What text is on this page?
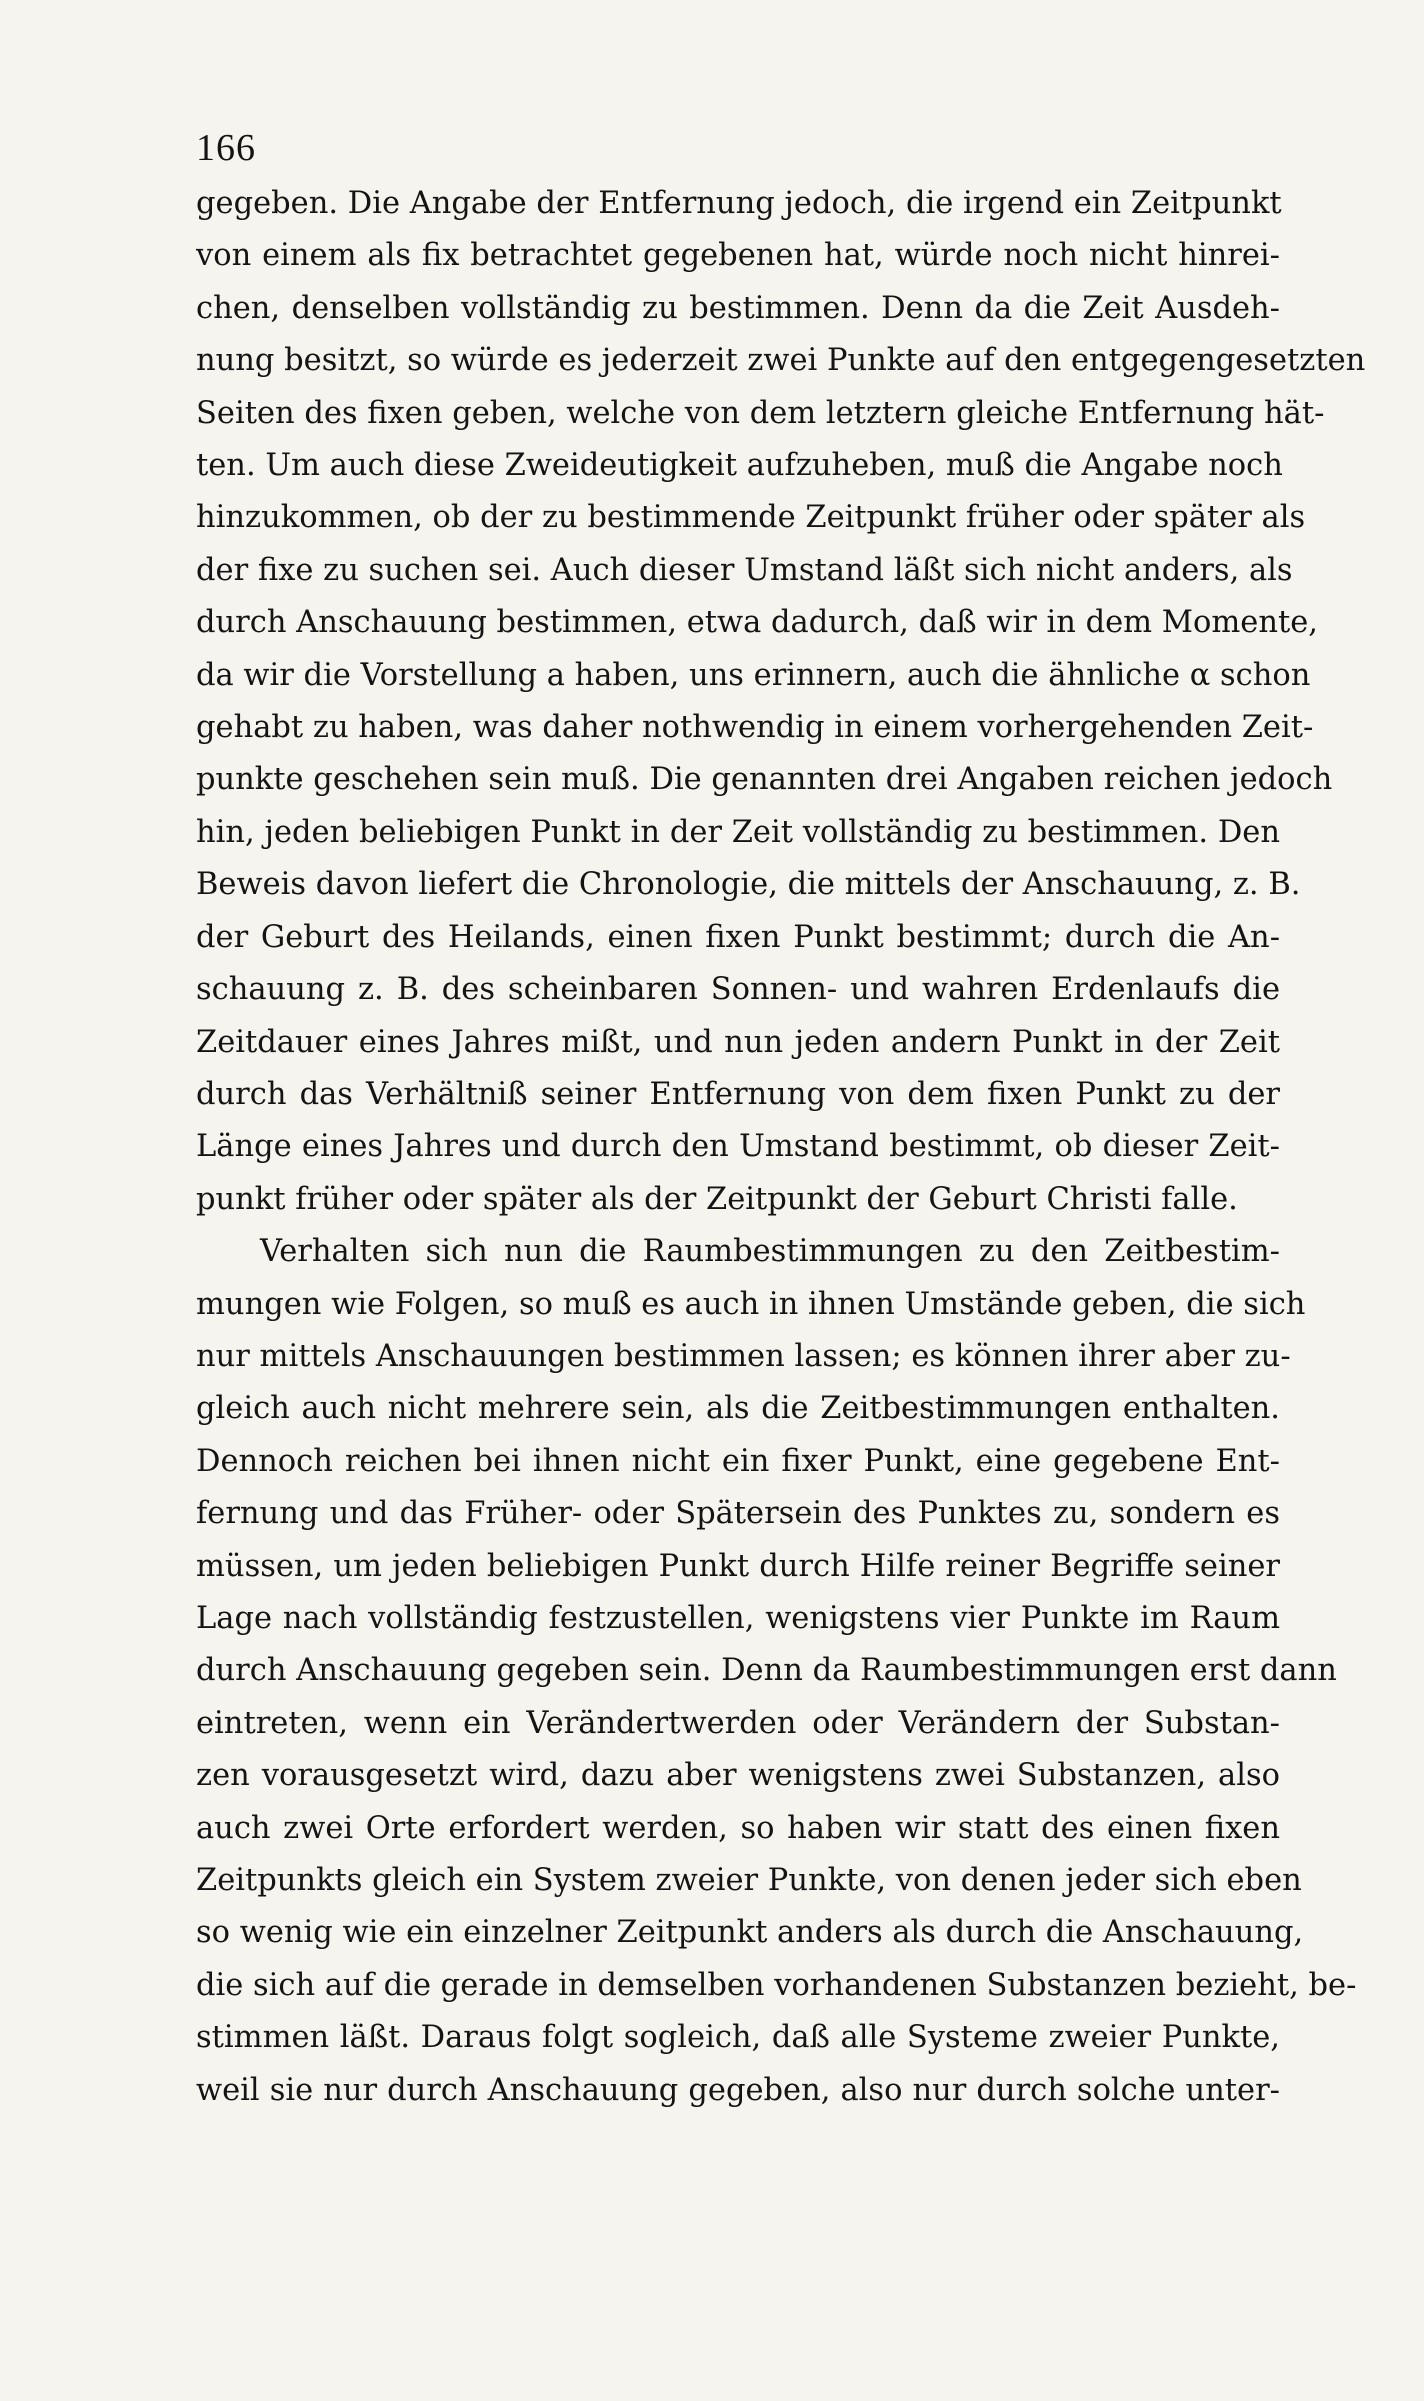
166
gegeben. Die Angabe der Entfernung jedoch, die irgend ein Zeitpunkt
von einem als fix betrachtet gegebenen hat, würde noch nicht hinrei-
chen, denselben vollständig zu bestimmen. Denn da die Zeit Ausdeh-
nung besitzt, so würde es jederzeit zwei Punkte auf den entgegengesetzten
Seiten des fixen geben, welche von dem letztern gleiche Entfernung hät-
ten. Um auch diese Zweideutigkeit aufzuheben, muß die Angabe noch
hinzukommen, ob der zu bestimmende Zeitpunkt früher oder später als
der fixe zu suchen sei. Auch dieser Umstand läßt sich nicht anders, als
durch Anschauung bestimmen, etwa dadurch, daß wir in dem Momente,
da wir die Vorstellung a haben, uns erinnern, auch die ähnliche α schon
gehabt zu haben, was daher nothwendig in einem vorhergehenden Zeit-
punkte geschehen sein muß. Die genannten drei Angaben reichen jedoch
hin, jeden beliebigen Punkt in der Zeit vollständig zu bestimmen. Den
Beweis davon liefert die Chronologie, die mittels der Anschauung, z. B.
der Geburt des Heilands, einen fixen Punkt bestimmt; durch die An-
schauung z. B. des scheinbaren Sonnen- und wahren Erdenlaufs die
Zeitdauer eines Jahres mißt, und nun jeden andern Punkt in der Zeit
durch das Verhältniß seiner Entfernung von dem fixen Punkt zu der
Länge eines Jahres und durch den Umstand bestimmt, ob dieser Zeit-
punkt früher oder später als der Zeitpunkt der Geburt Christi falle.
Verhalten sich nun die Raumbestimmungen zu den Zeitbestim-
mungen wie Folgen, so muß es auch in ihnen Umstände geben, die sich
nur mittels Anschauungen bestimmen lassen; es können ihrer aber zu-
gleich auch nicht mehrere sein, als die Zeitbestimmungen enthalten.
Dennoch reichen bei ihnen nicht ein fixer Punkt, eine gegebene Ent-
fernung und das Früher- oder Spätersein des Punktes zu, sondern es
müssen, um jeden beliebigen Punkt durch Hilfe reiner Begriffe seiner
Lage nach vollständig festzustellen, wenigstens vier Punkte im Raum
durch Anschauung gegeben sein. Denn da Raumbestimmungen erst dann
eintreten, wenn ein Verändertwerden oder Verändern der Substan-
zen vorausgesetzt wird, dazu aber wenigstens zwei Substanzen, also
auch zwei Orte erfordert werden, so haben wir statt des einen fixen
Zeitpunkts gleich ein System zweier Punkte, von denen jeder sich eben
so wenig wie ein einzelner Zeitpunkt anders als durch die Anschauung,
die sich auf die gerade in demselben vorhandenen Substanzen bezieht, be-
stimmen läßt. Daraus folgt sogleich, daß alle Systeme zweier Punkte,
weil sie nur durch Anschauung gegeben, also nur durch solche unter-
